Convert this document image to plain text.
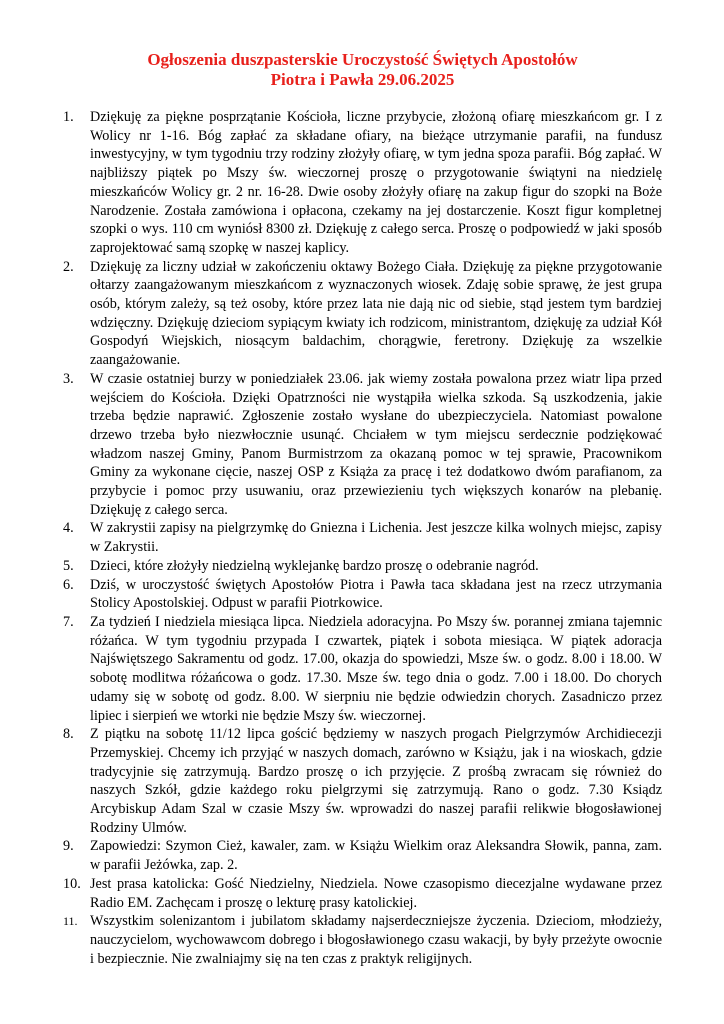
Ogłoszenia duszpasterskie Uroczystość Świętych Apostołów
Piotra i Pawła 29.06.2025
1.	Dziękuję za piękne posprzątanie Kościoła, liczne przybycie, złożoną ofiarę mieszkańcom gr. I z Wolicy nr 1-16. Bóg zapłać za składane ofiary, na bieżące utrzymanie parafii, na fundusz inwestycyjny, w tym tygodniu trzy rodziny złożyły ofiarę, w tym jedna spoza parafii. Bóg zapłać. W najbliższy piątek po Mszy św. wieczornej proszę o przygotowanie świątyni na niedzielę mieszkańców Wolicy gr. 2 nr. 16-28. Dwie osoby złożyły ofiarę na zakup figur do szopki na Boże Narodzenie. Została zamówiona i opłacona, czekamy na jej dostarczenie. Koszt figur kompletnej szopki o wys. 110 cm wyniósł 8300 zł. Dziękuję z całego serca. Proszę o podpowiedź w jaki sposób zaprojektować samą szopkę w naszej kaplicy.
2.	Dziękuję za liczny udział w zakończeniu oktawy Bożego Ciała. Dziękuję za piękne przygotowanie ołtarzy zaangażowanym mieszkańcom z wyznaczonych wiosek. Zdaję sobie sprawę, że jest grupa osób, którym zależy, są też osoby, które przez lata nie dają nic od siebie, stąd jestem tym bardziej wdzięczny. Dziękuję dzieciom sypiącym kwiaty ich rodzicom, ministrantom, dziękuję za udział Kół Gospodyń Wiejskich, niosącym baldachim, chorągwie, feretrony. Dziękuję za wszelkie zaangażowanie.
3.	W czasie ostatniej burzy w poniedziałek 23.06. jak wiemy została powalona przez wiatr lipa przed wejściem do Kościoła. Dzięki Opatrzności nie wystąpiła wielka szkoda. Są uszkodzenia, jakie trzeba będzie naprawić. Zgłoszenie zostało wysłane do ubezpieczyciela. Natomiast powalone drzewo trzeba było niezwłocznie usunąć. Chciałem w tym miejscu serdecznie podziękować władzom naszej Gminy, Panom Burmistrzom za okazaną pomoc w tej sprawie, Pracownikom Gminy za wykonane cięcie, naszej OSP z Książa za pracę i też dodatkowo dwóm parafianom, za przybycie i pomoc przy usuwaniu, oraz przewiezieniu tych większych konarów na plebanię. Dziękuję z całego serca.
4.	W zakrystii zapisy na pielgrzymkę do Gniezna i Lichenia. Jest jeszcze kilka wolnych miejsc, zapisy w Zakrystii.
5.	Dzieci, które złożyły niedzielną wyklejankę bardzo proszę o odebranie nagród.
6.	Dziś, w uroczystość świętych Apostołów Piotra i Pawła taca składana jest na rzecz utrzymania Stolicy Apostolskiej. Odpust w parafii Piotrkowice.
7.	Za tydzień I niedziela miesiąca lipca. Niedziela adoracyjna. Po Mszy św. porannej zmiana tajemnic różańca. W tym tygodniu przypada I czwartek, piątek i sobota miesiąca. W piątek adoracja Najświętszego Sakramentu od godz. 17.00, okazja do spowiedzi, Msze św. o godz. 8.00 i 18.00. W sobotę modlitwa różańcowa o godz. 17.30. Msze św. tego dnia o godz. 7.00 i 18.00. Do chorych udamy się w sobotę od godz. 8.00. W sierpniu nie będzie odwiedzin chorych. Zasadniczo przez lipiec i sierpień we wtorki nie będzie Mszy św. wieczornej.
8.	Z piątku na sobotę 11/12 lipca gościć będziemy w naszych progach Pielgrzymów Archidiecezji Przemyskiej. Chcemy ich przyjąć w naszych domach, zarówno w Książu, jak i na wioskach, gdzie tradycyjnie się zatrzymują. Bardzo proszę o ich przyjęcie. Z prośbą zwracam się również do naszych Szkół, gdzie każdego roku pielgrzymi się zatrzymują. Rano o godz. 7.30 Ksiądz Arcybiskup Adam Szal w czasie Mszy św. wprowadzi do naszej parafii relikwie błogosławionej Rodziny Ulmów.
9.	Zapowiedzi: Szymon Cież, kawaler, zam. w Książu Wielkim oraz Aleksandra Słowik, panna, zam. w parafii Jeżówka, zap. 2.
10. Jest prasa katolicka: Gość Niedzielny, Niedziela. Nowe czasopismo diecezjalne wydawane przez Radio EM. Zachęcam i proszę o lekturę prasy katolickiej.
11. Wszystkim solenizantom i jubilatom składamy najserdeczniejsze życzenia. Dzieciom, młodzieży, nauczycielom, wychowawcom dobrego i błogosławionego czasu wakacji, by były przeżyte owocnie i bezpiecznie. Nie zwalniajmy się na ten czas z praktyk religijnych.
